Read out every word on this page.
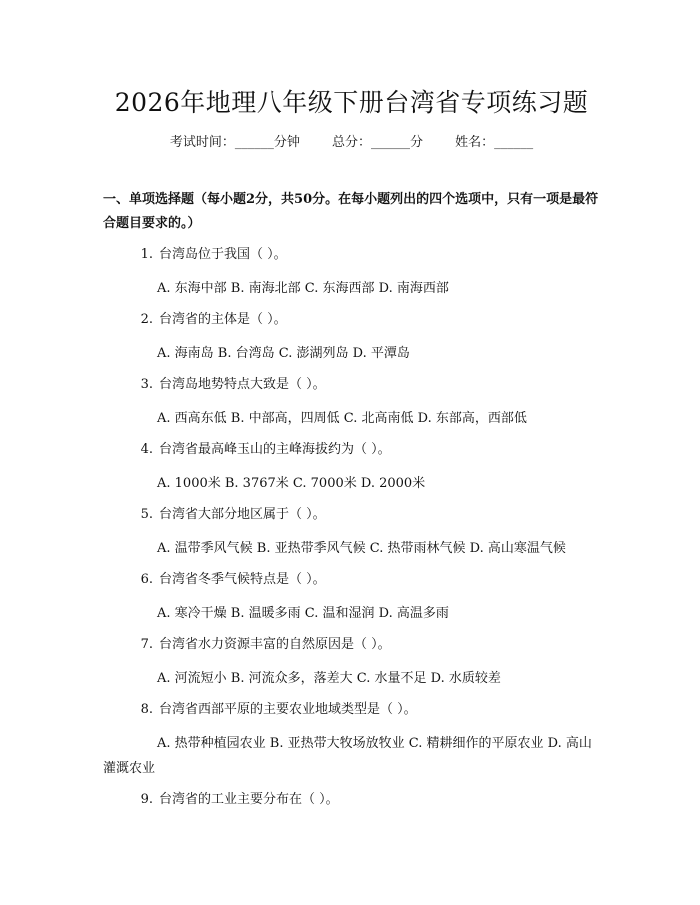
2026年地理八年级下册台湾省专项练习题
考试时间：______分钟 总分：______分 姓名：______
一、单项选择题（每小题2分，共50分。在每小题列出的四个选项中，只有一项是最符合题目要求的。）
1. 台湾岛位于我国（ ）。
A. 东海中部 B. 南海北部 C. 东海西部 D. 南海西部
2. 台湾省的主体是（ ）。
A. 海南岛 B. 台湾岛 C. 澎湖列岛 D. 平潭岛
3. 台湾岛地势特点大致是（ ）。
A. 西高东低 B. 中部高，四周低 C. 北高南低 D. 东部高，西部低
4. 台湾省最高峰玉山的主峰海拔约为（ ）。
A. 1000米 B. 3767米 C. 7000米 D. 2000米
5. 台湾省大部分地区属于（ ）。
A. 温带季风气候 B. 亚热带季风气候 C. 热带雨林气候 D. 高山寒温气候
6. 台湾省冬季气候特点是（ ）。
A. 寒冷干燥 B. 温暖多雨 C. 温和湿润 D. 高温多雨
7. 台湾省水力资源丰富的自然原因是（ ）。
A. 河流短小 B. 河流众多，落差大 C. 水量不足 D. 水质较差
8. 台湾省西部平原的主要农业地域类型是（ ）。
A. 热带种植园农业 B. 亚热带大牧场放牧业 C. 精耕细作的平原农业 D. 高山灌溉农业
9. 台湾省的工业主要分布在（ ）。
